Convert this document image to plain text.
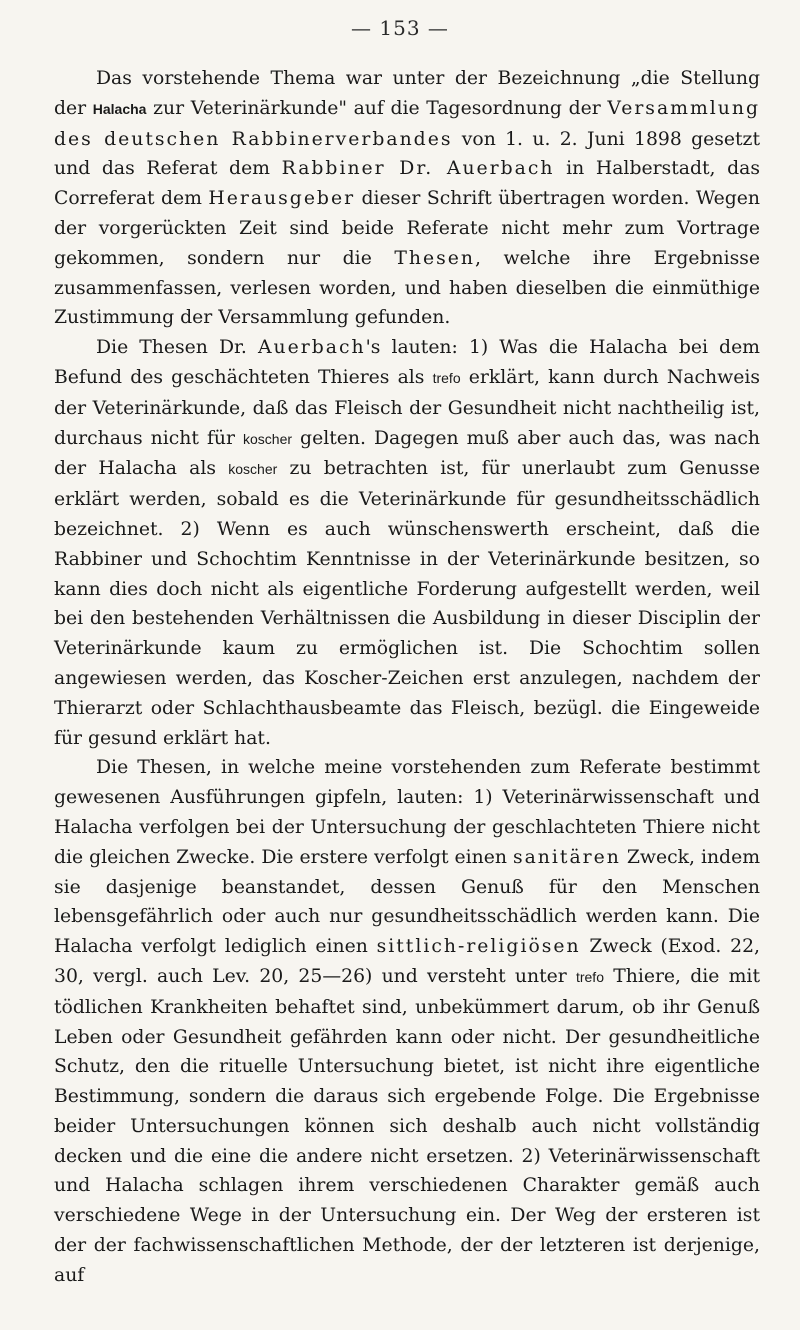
— 153 —

Das vorstehende Thema war unter der Bezeichnung „die Stellung der Halacha zur Veterinärkunde" auf die Tagesordnung der Versammlung des deutschen Rabbinerverbandes von 1. u. 2. Juni 1898 gesetzt und das Referat dem Rabbiner Dr. Auerbach in Halberstadt, das Correferat dem Herausgeber dieser Schrift übertragen worden. Wegen der vorgerückten Zeit sind beide Referate nicht mehr zum Vortrage gekommen, sondern nur die Thesen, welche ihre Ergebnisse zusammenfassen, verlesen worden, und haben dieselben die einmüthige Zustimmung der Versammlung gefunden.

Die Thesen Dr. Auerbach's lauten: 1) Was die Halacha bei dem Befund des geschächteten Thieres als trefo erklärt, kann durch Nachweis der Veterinärkunde, daß das Fleisch der Gesundheit nicht nachtheilig ist, durchaus nicht für koscher gelten. Dagegen muß aber auch das, was nach der Halacha als koscher zu betrachten ist, für unerlaubt zum Genusse erklärt werden, sobald es die Veterinärkunde für gesundheitsschädlich bezeichnet. 2) Wenn es auch wünschenswerth erscheint, daß die Rabbiner und Schochtim Kenntnisse in der Veterinärkunde besitzen, so kann dies doch nicht als eigentliche Forderung aufgestellt werden, weil bei den bestehenden Verhältnissen die Ausbildung in dieser Disciplin der Veterinärkunde kaum zu ermöglichen ist. Die Schochtim sollen angewiesen werden, das Koscher-Zeichen erst anzulegen, nachdem der Thierarzt oder Schlachthausbeamte das Fleisch, bezügl. die Eingeweide für gesund erklärt hat.

Die Thesen, in welche meine vorstehenden zum Referate bestimmt gewesenen Ausführungen gipfeln, lauten: 1) Veterinärwissenschaft und Halacha verfolgen bei der Untersuchung der geschlachteten Thiere nicht die gleichen Zwecke. Die erstere verfolgt einen sanitären Zweck, indem sie dasjenige beanstandet, dessen Genuß für den Menschen lebensgefährlich oder auch nur gesundheitsschädlich werden kann. Die Halacha verfolgt lediglich einen sittlich-religiösen Zweck (Exod. 22, 30, vergl. auch Lev. 20, 25—26) und versteht unter trefo Thiere, die mit tödlichen Krankheiten behaftet sind, unbekümmert darum, ob ihr Genuß Leben oder Gesundheit gefährden kann oder nicht. Der gesundheitliche Schutz, den die rituelle Untersuchung bietet, ist nicht ihre eigentliche Bestimmung, sondern die daraus sich ergebende Folge. Die Ergebnisse beider Untersuchungen können sich deshalb auch nicht vollständig decken und die eine die andere nicht ersetzen. 2) Veterinärwissenschaft und Halacha schlagen ihrem verschiedenen Charakter gemäß auch verschiedene Wege in der Untersuchung ein. Der Weg der ersteren ist der der fachwissenschaftlichen Methode, der der letzteren ist derjenige, auf
